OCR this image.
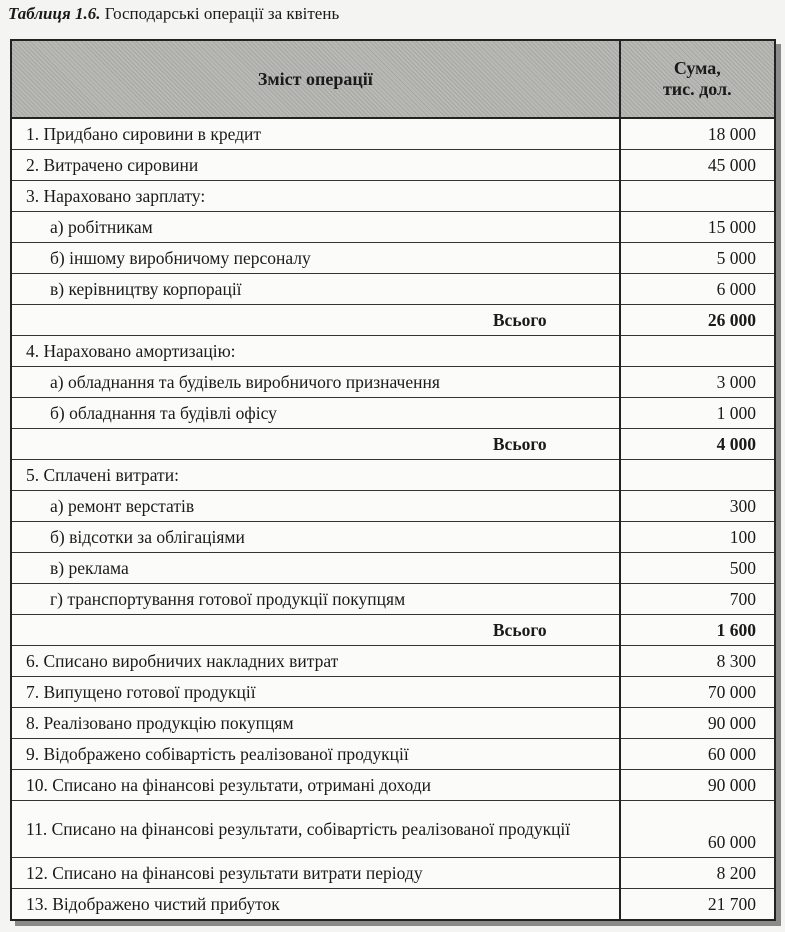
Таблиця 1.6. Господарські операції за квітень
Зміст операції	Сума,
тис. дол.
1. Придбано сировини в кредит	18 000
2. Витрачено сировини	45 000
3. Нараховано зарплату:	
а) робітникам	15 000
б) іншому виробничому персоналу	5 000
в) керівництву корпорації	6 000
Всього	26 000
4. Нараховано амортизацію:	
а) обладнання та будівель виробничого призначення	3 000
б) обладнання та будівлі офісу	1 000
Всього	4 000
5. Сплачені витрати:	
а) ремонт верстатів	300
б) відсотки за облігаціями	100
в) реклама	500
г) транспортування готової продукції покупцям	700
Всього	1 600
6. Списано виробничих накладних витрат	8 300
7. Випущено готової продукції	70 000
8. Реалізовано продукцію покупцям	90 000
9. Відображено собівартість реалізованої продукції	60 000
10. Списано на фінансові результати, отримані доходи	90 000
11. Списано на фінансові результати, собівартість реалізованої продукції	60 000
12. Списано на фінансові результати витрати періоду	8 200
13. Відображено чистий прибуток	21 700
